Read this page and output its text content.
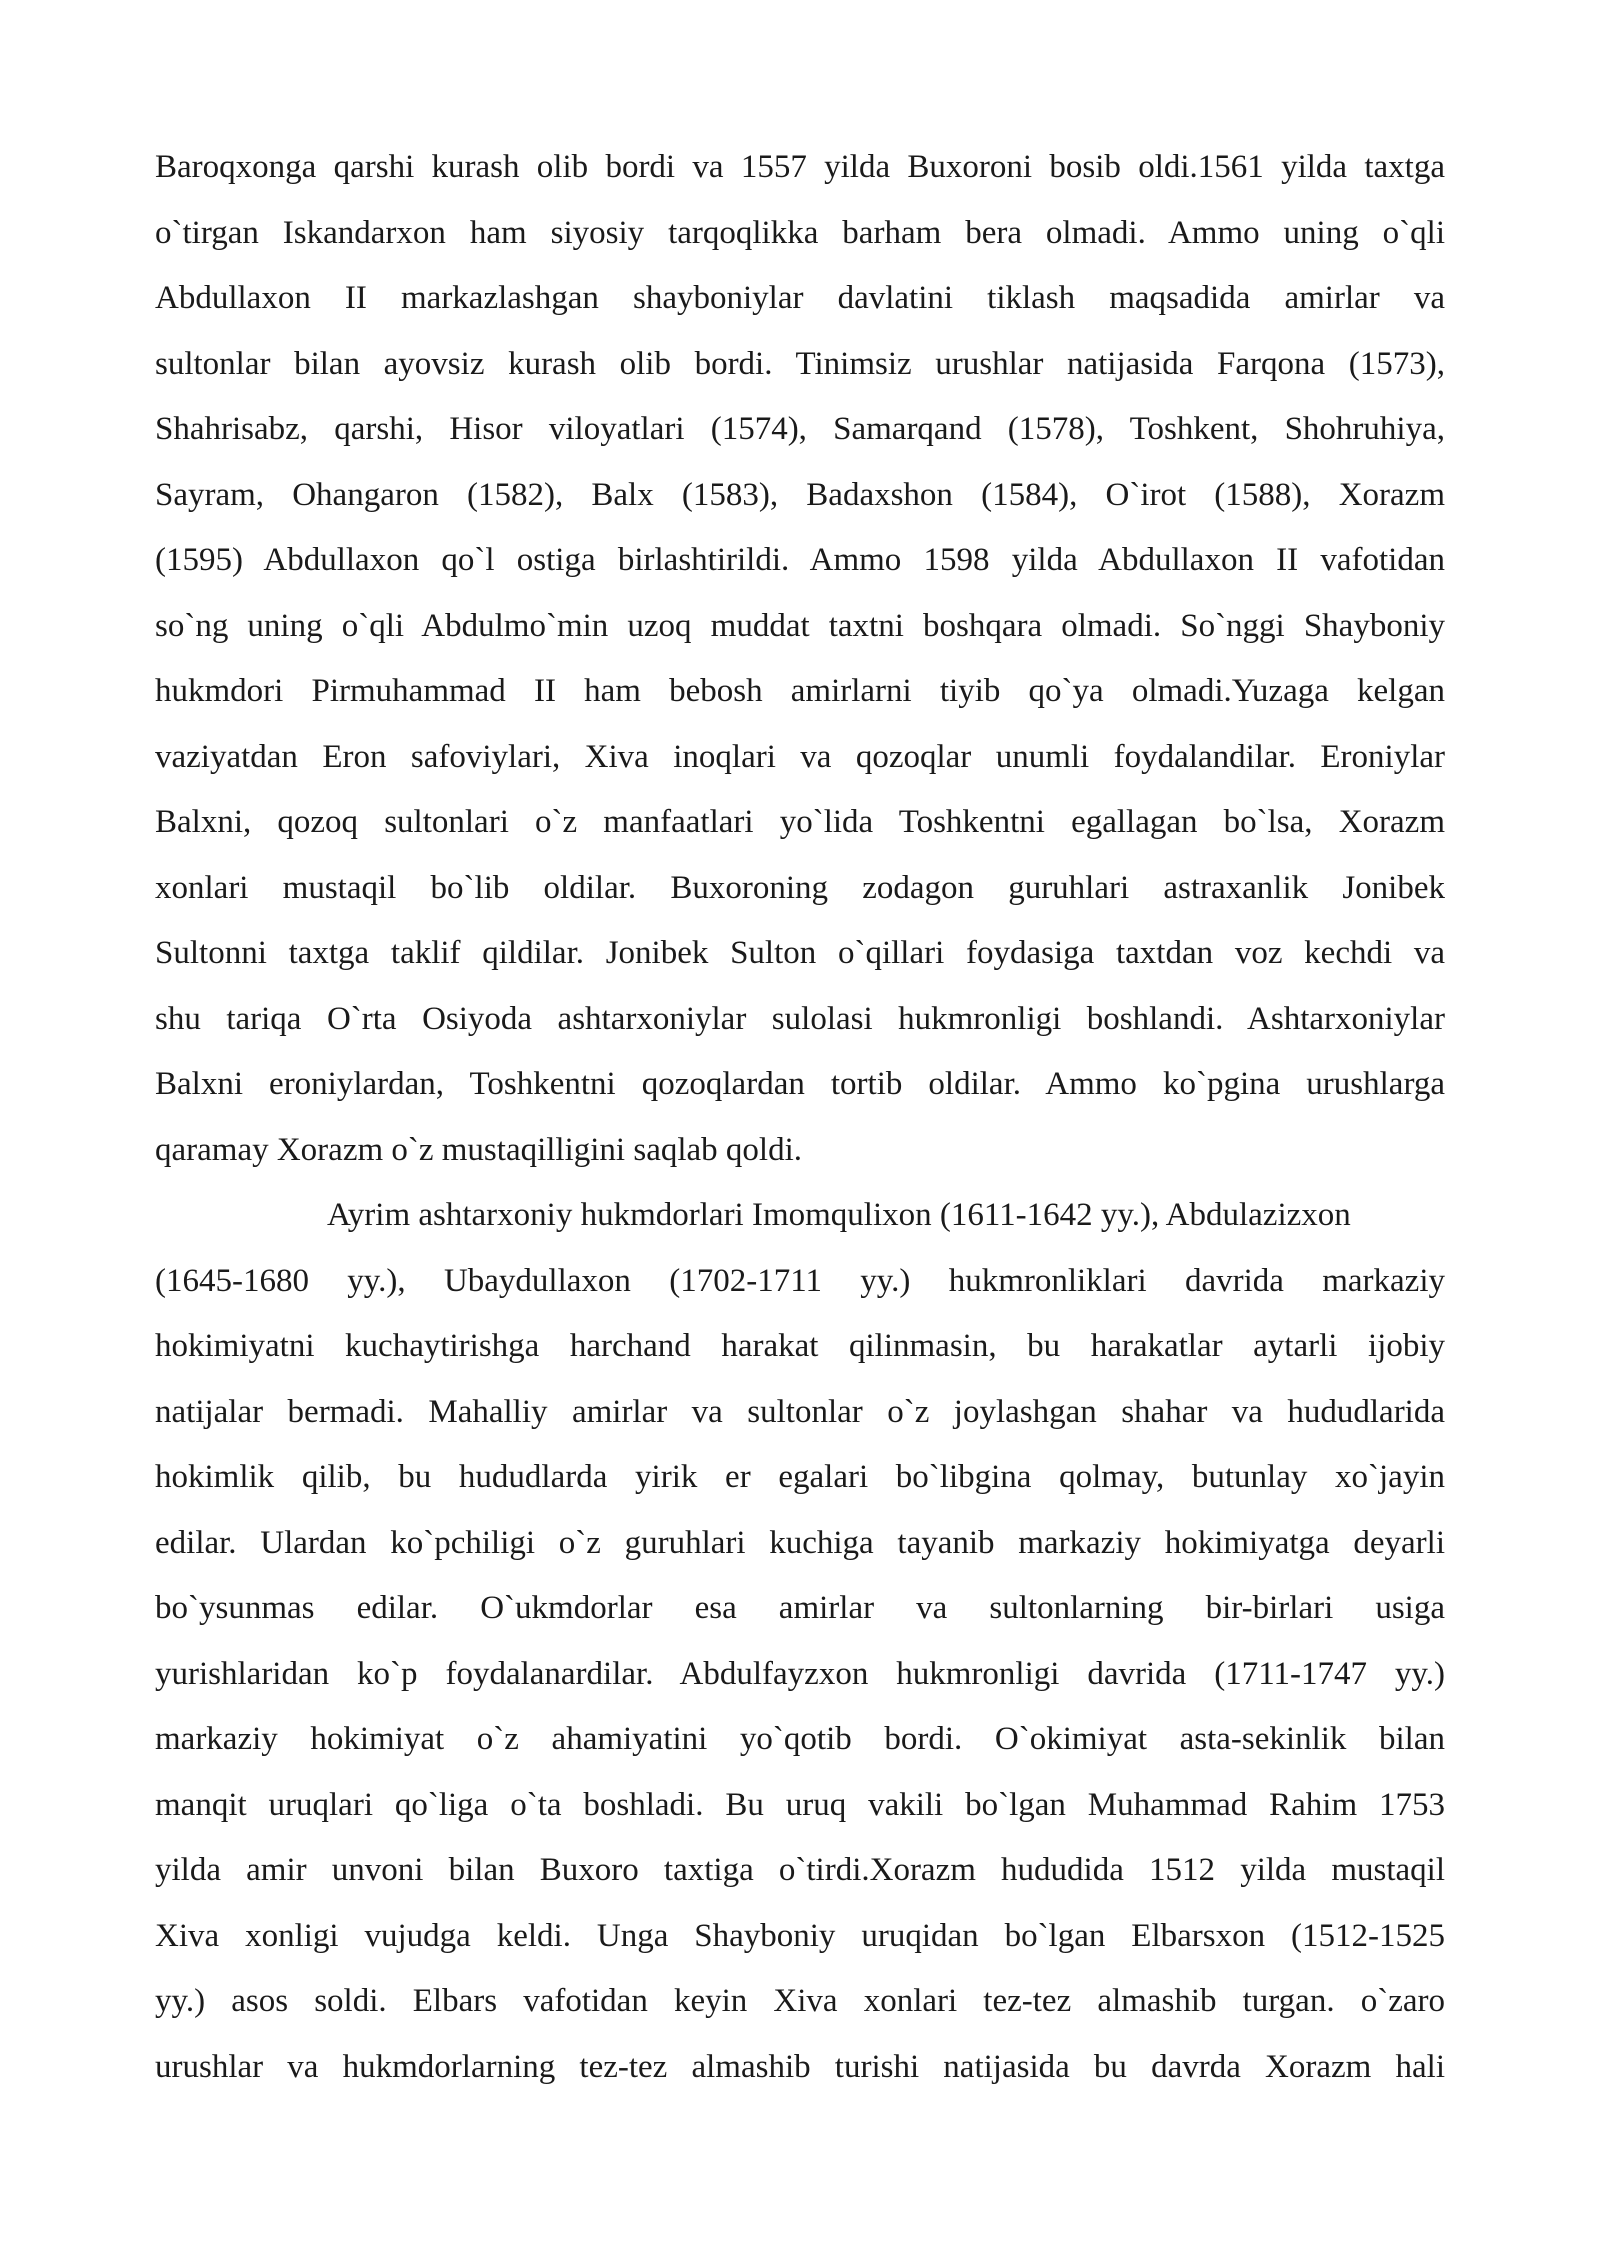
Baroqxonga qarshi kurash olib bordi va 1557 yilda Buxoroni bosib oldi.1561 yilda taxtga
o`tirgan Iskandarxon ham siyosiy tarqoqlikka barham bera olmadi. Ammo uning o`qli
Abdullaxon II markazlashgan shayboniylar davlatini tiklash maqsadida amirlar va
sultonlar bilan ayovsiz kurash olib bordi. Tinimsiz urushlar natijasida Farqona (1573),
Shahrisabz, qarshi, Hisor viloyatlari (1574), Samarqand (1578), Toshkent, Shohruhiya,
Sayram, Ohangaron (1582), Balx (1583), Badaxshon (1584), O`irot (1588), Xorazm
(1595) Abdullaxon qo`l ostiga birlashtirildi. Ammo 1598 yilda Abdullaxon II vafotidan
so`ng uning o`qli Abdulmo`min uzoq muddat taxtni boshqara olmadi. So`nggi Shayboniy
hukmdori Pirmuhammad II ham bebosh amirlarni tiyib qo`ya olmadi.Yuzaga kelgan
vaziyatdan Eron safoviylari, Xiva inoqlari va qozoqlar unumli foydalandilar. Eroniylar
Balxni, qozoq sultonlari o`z manfaatlari yo`lida Toshkentni egallagan bo`lsa, Xorazm
xonlari mustaqil bo`lib oldilar. Buxoroning zodagon guruhlari astraxanlik Jonibek
Sultonni taxtga taklif qildilar. Jonibek Sulton o`qillari foydasiga taxtdan voz kechdi va
shu tariqa O`rta Osiyoda ashtarxoniylar sulolasi hukmronligi boshlandi. Ashtarxoniylar
Balxni eroniylardan, Toshkentni qozoqlardan tortib oldilar. Ammo ko`pgina urushlarga
qaramay Xorazm o`z mustaqilligini saqlab qoldi.
Ayrim ashtarxoniy hukmdorlari Imomqulixon (1611-1642 yy.), Abdulazizxon
(1645-1680 yy.), Ubaydullaxon (1702-1711 yy.) hukmronliklari davrida markaziy
hokimiyatni kuchaytirishga harchand harakat qilinmasin, bu harakatlar aytarli ijobiy
natijalar bermadi. Mahalliy amirlar va sultonlar o`z joylashgan shahar va hududlarida
hokimlik qilib, bu hududlarda yirik er egalari bo`libgina qolmay, butunlay xo`jayin
edilar. Ulardan ko`pchiligi o`z guruhlari kuchiga tayanib markaziy hokimiyatga deyarli
bo`ysunmas edilar. O`ukmdorlar esa amirlar va sultonlarning bir-birlari usiga
yurishlaridan ko`p foydalanardilar. Abdulfayzxon hukmronligi davrida (1711-1747 yy.)
markaziy hokimiyat o`z ahamiyatini yo`qotib bordi. O`okimiyat asta-sekinlik bilan
manqit uruqlari qo`liga o`ta boshladi. Bu uruq vakili bo`lgan Muhammad Rahim 1753
yilda amir unvoni bilan Buxoro taxtiga o`tirdi.Xorazm hududida 1512 yilda mustaqil
Xiva xonligi vujudga keldi. Unga Shayboniy uruqidan bo`lgan Elbarsxon (1512-1525
yy.) asos soldi. Elbars vafotidan keyin Xiva xonlari tez-tez almashib turgan. o`zaro
urushlar va hukmdorlarning tez-tez almashib turishi natijasida bu davrda Xorazm hali
